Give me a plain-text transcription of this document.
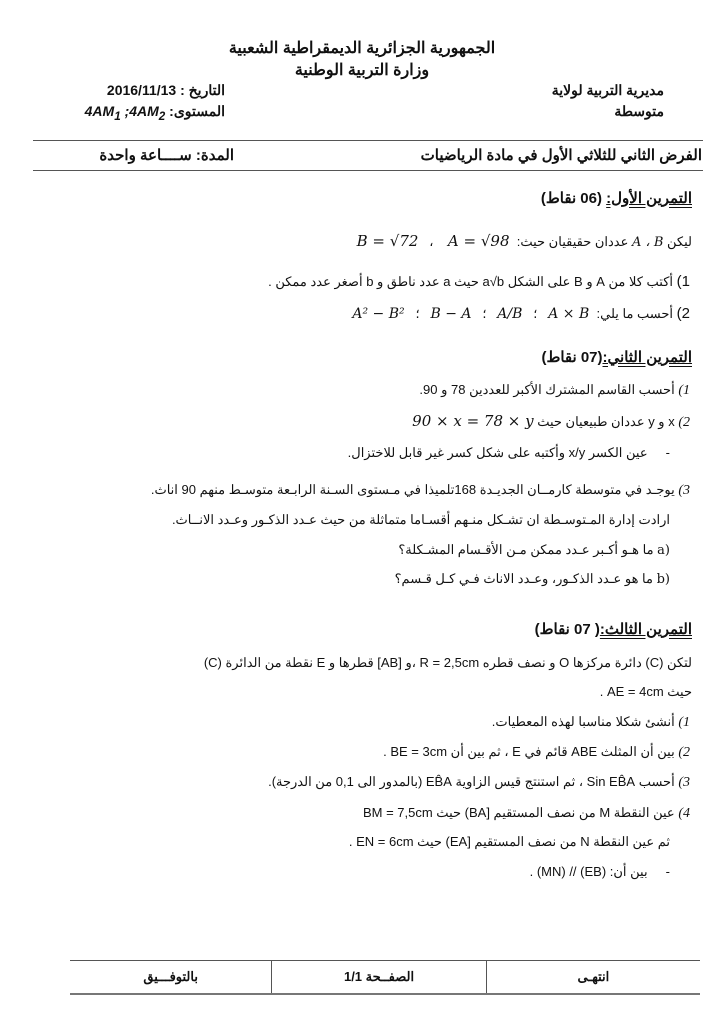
الجمهورية الجزائرية الديمقراطية الشعبية
وزارة التربية الوطنية
مديرية التربية لولاية
متوسطة
التاريخ : 2016/11/13
المستوى: $4AM_1$ $;4AM_2$
الفرض الثاني للثلاثي الأول في مادة الرياضيات
المدة: ســــاعة واحدة
التمرين الأول: (06 نقاط)
ليكن A ، B عددان حقيقيان حيث:  A = √98    ،   B = √72
1) أكتب كلا من A و B على الشكل a√b حيث a عدد ناطق و b أصغر عدد ممكن .
2) أحسب ما يلي:  A × B   ؛   A/B   ؛   B − A   ؛   A² − B²
التمرين الثاني:(07 نقاط)
1) أحسب القاسم المشترك الأكبر للعددين 78 و 90.
2) x و y عددان طبيعيان حيث 90 × x = 78 × y
-     عين الكسر x/y وأكتبه على شكل كسر غير قابل للاختزال.
3) يوجـد في متوسطة كارمــان الجديـدة 168تلميذا في مـستوى السـنة الرابـعة متوسـط منهم 90 اناث.
ارادت إدارة المـتوسـطة ان تشـكل منـهم أقسـاما متماثلة من حيث عـدد الذكـور وعـدد الانــاث.
a) ما هـو أكـبر عـدد ممكن مـن الأقـسام المشـكلة؟
b) ما هو عـدد الذكـور، وعـدد الاناث فـي كـل قـسم؟
التمرين الثالث:( 07 نقاط)
لتكن (C) دائرة مركزها O و نصف قطره R = 2,5cm ،و [AB] قطرها و E نقطة من الدائرة (C)
حيث AE = 4cm .
1) أنشئ شكلا مناسبا لهذه المعطيات.
2) بين أن المثلث ABE قائم في E ، ثم بين أن BE = 3cm .
3) أحسب Sin EB̂A ، ثم استنتج قيس الزاوية EB̂A (بالمدور الى 0,1 من الدرجة).
4) عين النقطة M من نصف المستقيم [BA) حيث BM = 7,5cm
ثم عين النقطة N من نصف المستقيم [EA) حيث EN = 6cm .
-     بين أن: (EB) // (MN) .
انتهـى
الصفــحة 1/1
بالتوفـــيق
